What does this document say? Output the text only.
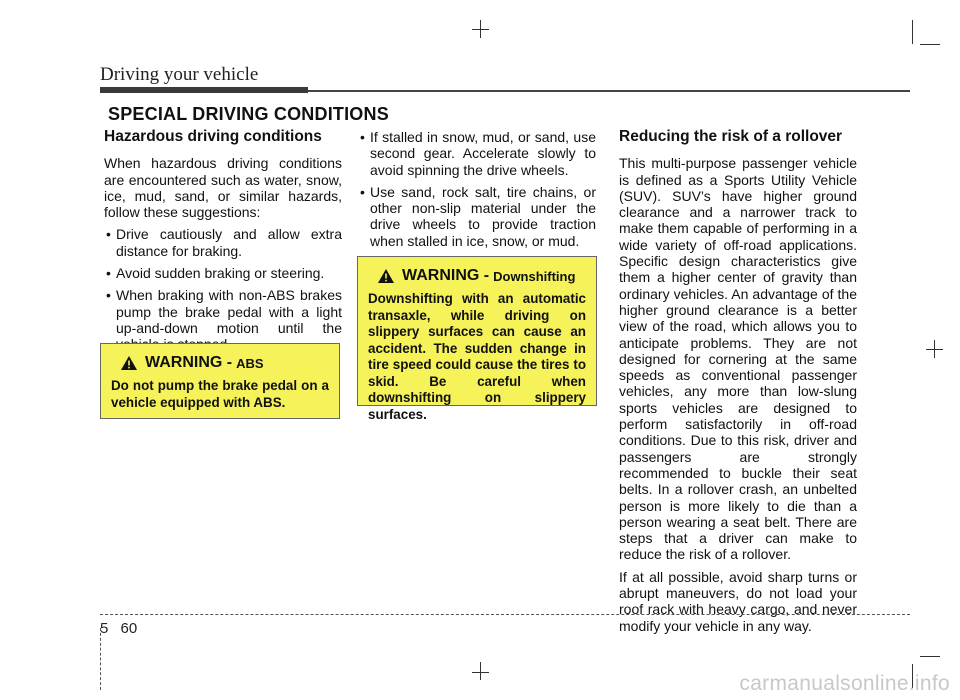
Driving your vehicle
SPECIAL DRIVING CONDITIONS
Hazardous driving conditions

When hazardous driving conditions are encountered such as water, snow, ice, mud, sand, or similar hazards, follow these suggestions:

• Drive cautiously and allow extra distance for braking.
• Avoid sudden braking or steering.
• When braking with non-ABS brakes pump the brake pedal with a light up-and-down motion until the
• If stalled in snow, mud, or sand, use second gear. Accelerate slowly to avoid spinning the drive wheels.
• Use sand, rock salt, tire chains, or other non-slip material under the drive wheels to provide traction when stalled in ice, snow, or mud.
WARNING - ABS
Do not pump the brake pedal on a vehicle equipped with ABS.
WARNING - Downshifting
Downshifting with an automatic transaxle, while driving on slippery surfaces can cause an accident. The sudden change in tire speed could cause the tires to skid. Be careful when downshifting on slippery surfaces.
Reducing the risk of a rollover

This multi-purpose passenger vehicle is defined as a Sports Utility Vehicle (SUV). SUV’s have higher ground clearance and a narrower track to make them capable of performing in a wide variety of off-road applications. Specific design characteristics give them a higher center of gravity than ordinary vehicles. An advantage of the higher ground clearance is a better view of the road, which allows you to anticipate problems. They are not designed for cornering at the same speeds as conventional passenger vehicles, any more than low-slung sports vehicles are designed to perform satisfactorily in off-road conditions. Due to this risk, driver and passengers are strongly recommended to buckle their seat belts. In a rollover crash, an unbelted person is more likely to die than a person wearing a seat belt. There are steps that a driver can make to reduce the risk of a rollover.

If at all possible, avoid sharp turns or abrupt maneuvers, do not load your roof rack with heavy cargo, and never modify your vehicle in any way.

5 60
carmanualsonline.info
